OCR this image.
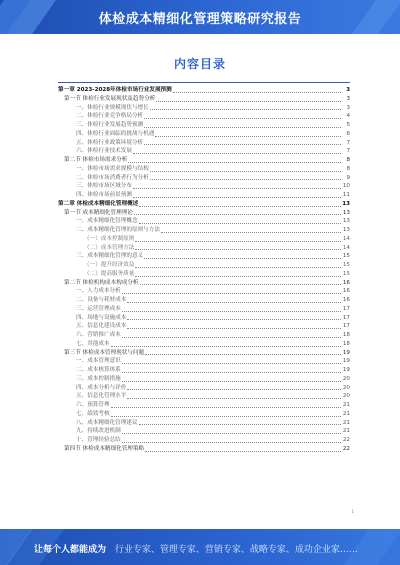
体检成本精细化管理策略研究报告
内容目录
第一章 2023-2028年体检市场行业发展预测	3
第一节 体检行业发展现状及趋势分析	3
一、体检行业规模现状与增长	3
二、体检行业竞争格局分析	4
三、体检行业发展趋势预测	5
四、体检行业面临的挑战与机遇	6
五、体检行业政策环境分析	7
六、体检行业技术发展	7
第二节 体检市场需求分析	8
一、体检市场需求规模与结构	8
二、体检市场消费者行为分析	9
三、体检市场区域分布	10
四、体检市场前景预测	11
第二章 体检成本精细化管理概述	13
第一节 成本精细化管理理论	13
一、成本精细化管理概念	13
二、成本精细化管理的原则与方法	13
（一）成本控制原则	14
（二）成本管理方法	14
三、成本精细化管理的意义	15
（一）提升经济效益	15
（二）提高服务质量	15
第二节 体检机构成本构成分析	16
一、人力成本分析	16
二、设备与耗材成本	16
三、运营管理成本	17
四、场地与设施成本	17
五、信息化建设成本	17
六、营销推广成本	18
七、其他成本	18
第三节 体检成本管理现状与问题	19
一、成本管理意识	19
二、成本核算体系	19
三、成本控制措施	20
四、成本分析与评价	20
五、信息化管理水平	20
六、预算管理	21
七、绩效考核	21
八、成本精细化管理建议	21
九、持续改进机制	21
十、管理经验总结	22
第四节 体检成本精细化管理策略	22
1
让每个人都能成为 行业专家、管理专家、营销专家、战略专家、成功企业家……
